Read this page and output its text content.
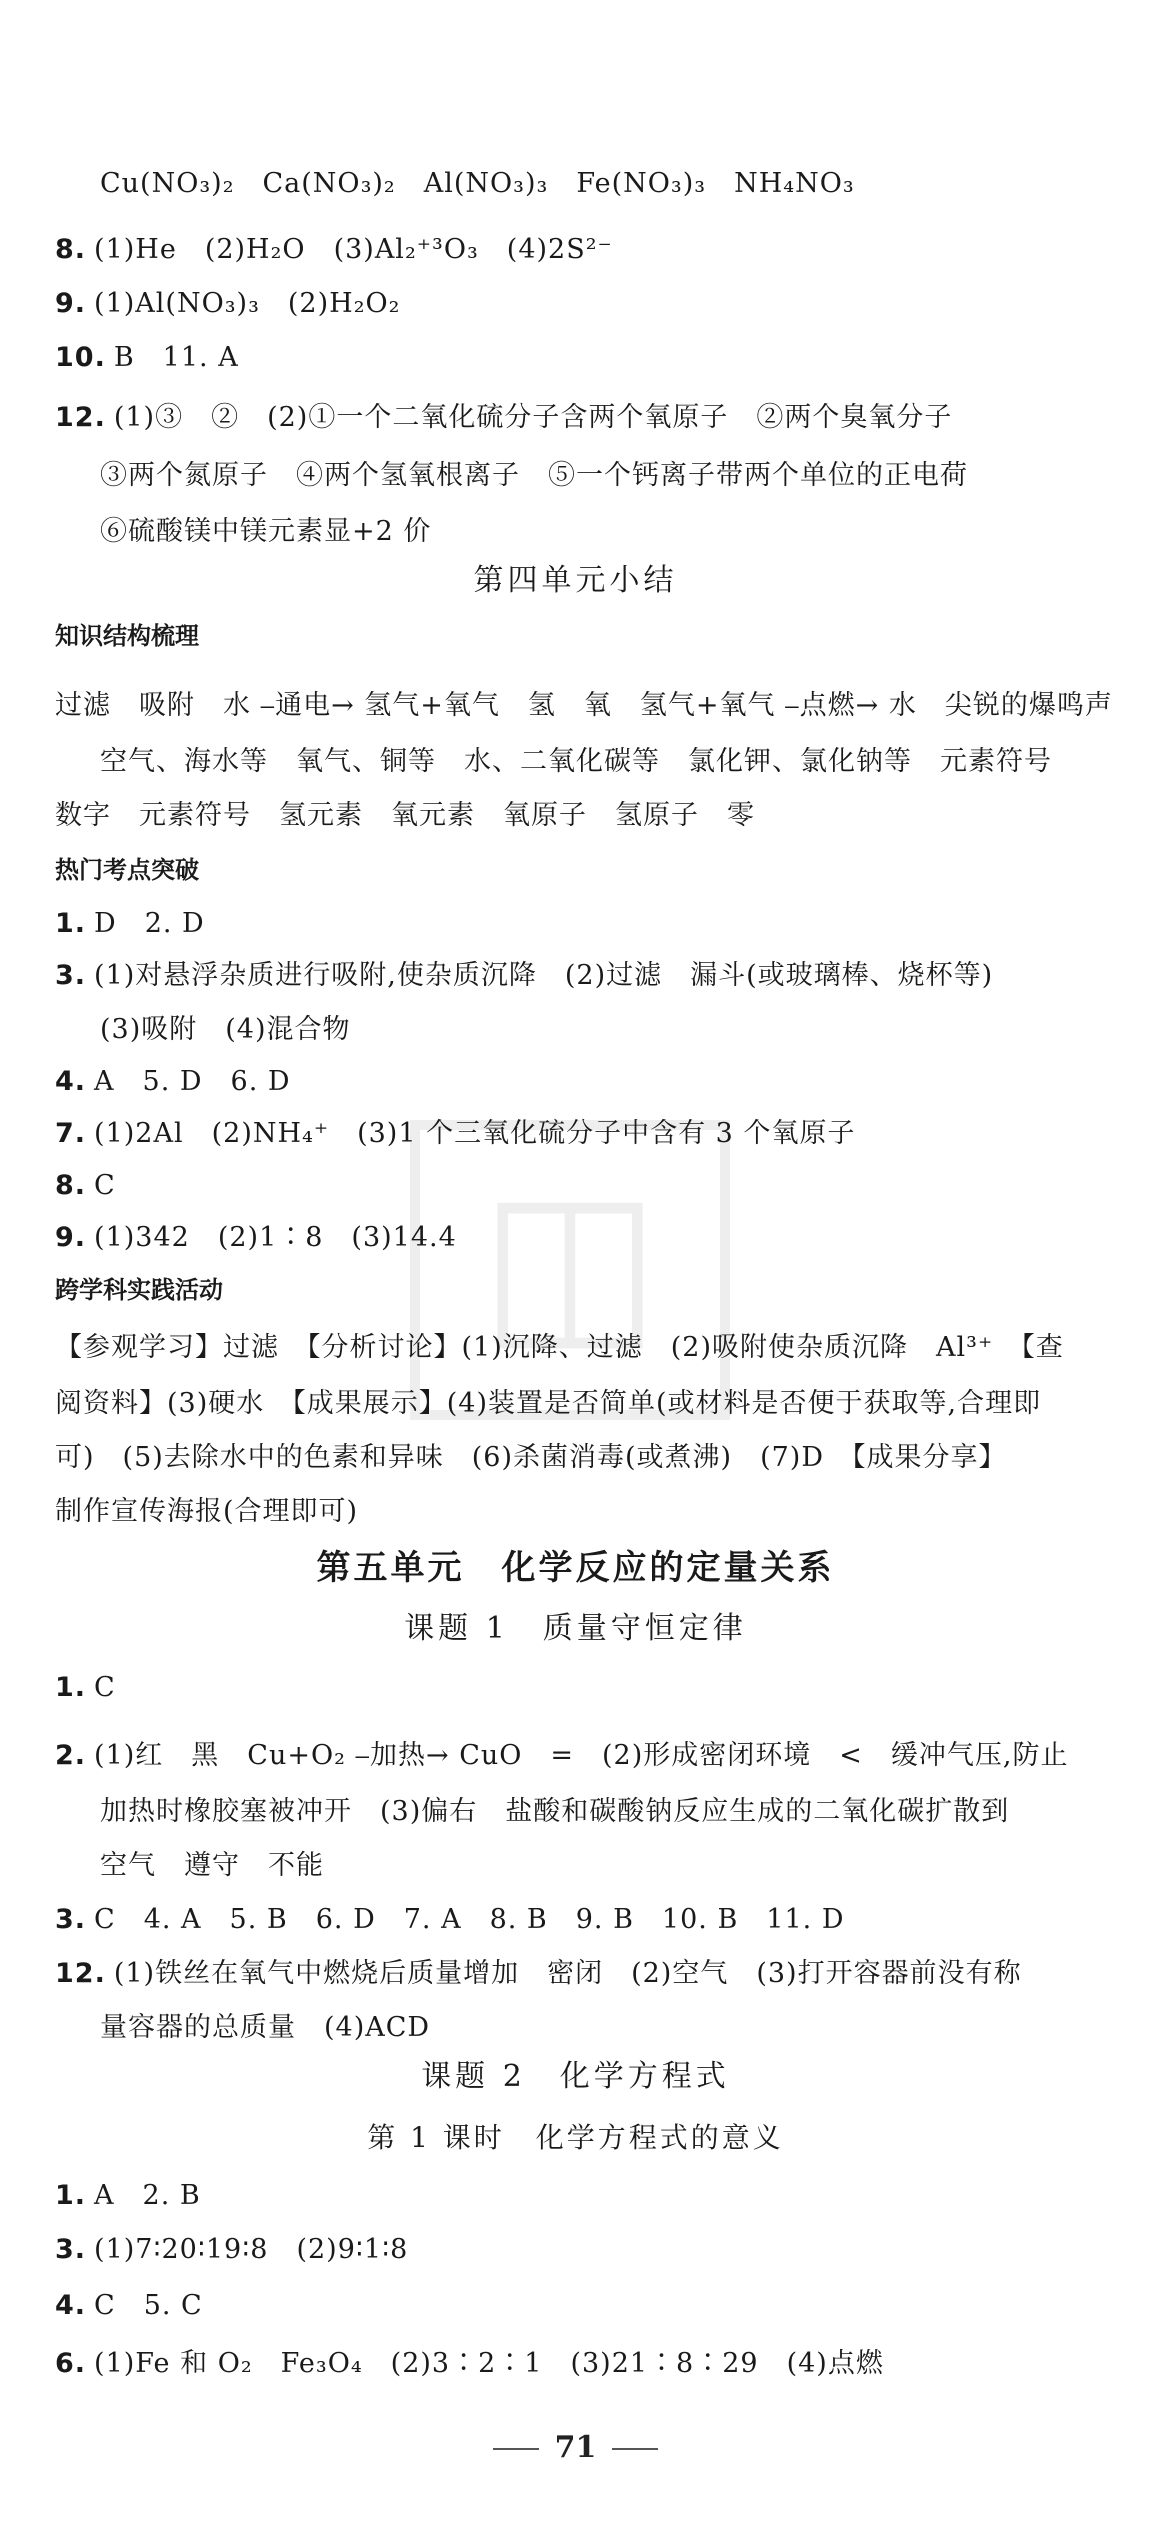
◫
Cu(NO₃)₂　Ca(NO₃)₂　Al(NO₃)₃　Fe(NO₃)₃　NH₄NO₃
8. (1)He　(2)H₂O　(3)Al₂⁺³O₃　(4)2S²⁻
9. (1)Al(NO₃)₃　(2)H₂O₂
10. B　11. A
12. (1)③　②　(2)①一个二氧化硫分子含两个氧原子　②两个臭氧分子
③两个氮原子　④两个氢氧根离子　⑤一个钙离子带两个单位的正电荷
⑥硫酸镁中镁元素显+2 价
第四单元小结
知识结构梳理
过滤　吸附　水 ⎯通电→ 氢气+氧气　氢　氧　氢气+氧气 ⎯点燃→ 水　尖锐的爆鸣声
空气、海水等　氧气、铜等　水、二氧化碳等　氯化钾、氯化钠等　元素符号
数字　元素符号　氢元素　氧元素　氧原子　氢原子　零
热门考点突破
1. D　2. D
3. (1)对悬浮杂质进行吸附,使杂质沉降　(2)过滤　漏斗(或玻璃棒、烧杯等)
(3)吸附　(4)混合物
4. A　5. D　6. D
7. (1)2Al　(2)NH₄⁺　(3)1 个三氧化硫分子中含有 3 个氧原子
8. C
9. (1)342　(2)1∶8　(3)14.4
跨学科实践活动
【参观学习】过滤　【分析讨论】(1)沉降、过滤　(2)吸附使杂质沉降　Al³⁺　【查
阅资料】(3)硬水　【成果展示】(4)装置是否简单(或材料是否便于获取等,合理即
可)　(5)去除水中的色素和异味　(6)杀菌消毒(或煮沸)　(7)D　【成果分享】
制作宣传海报(合理即可)
第五单元　化学反应的定量关系
课题 1　质量守恒定律
1. C
2. (1)红　黑　Cu+O₂ ⎯加热→ CuO　=　(2)形成密闭环境　<　缓冲气压,防止
加热时橡胶塞被冲开　(3)偏右　盐酸和碳酸钠反应生成的二氧化碳扩散到
空气　遵守　不能
3. C　4. A　5. B　6. D　7. A　8. B　9. B　10. B　11. D
12. (1)铁丝在氧气中燃烧后质量增加　密闭　(2)空气　(3)打开容器前没有称
量容器的总质量　(4)ACD
课题 2　化学方程式
第 1 课时　化学方程式的意义
1. A　2. B
3. (1)7∶20∶19∶8　(2)9∶1∶8
4. C　5. C
6. (1)Fe 和 O₂　Fe₃O₄　(2)3∶2∶1　(3)21∶8∶29　(4)点燃
71
